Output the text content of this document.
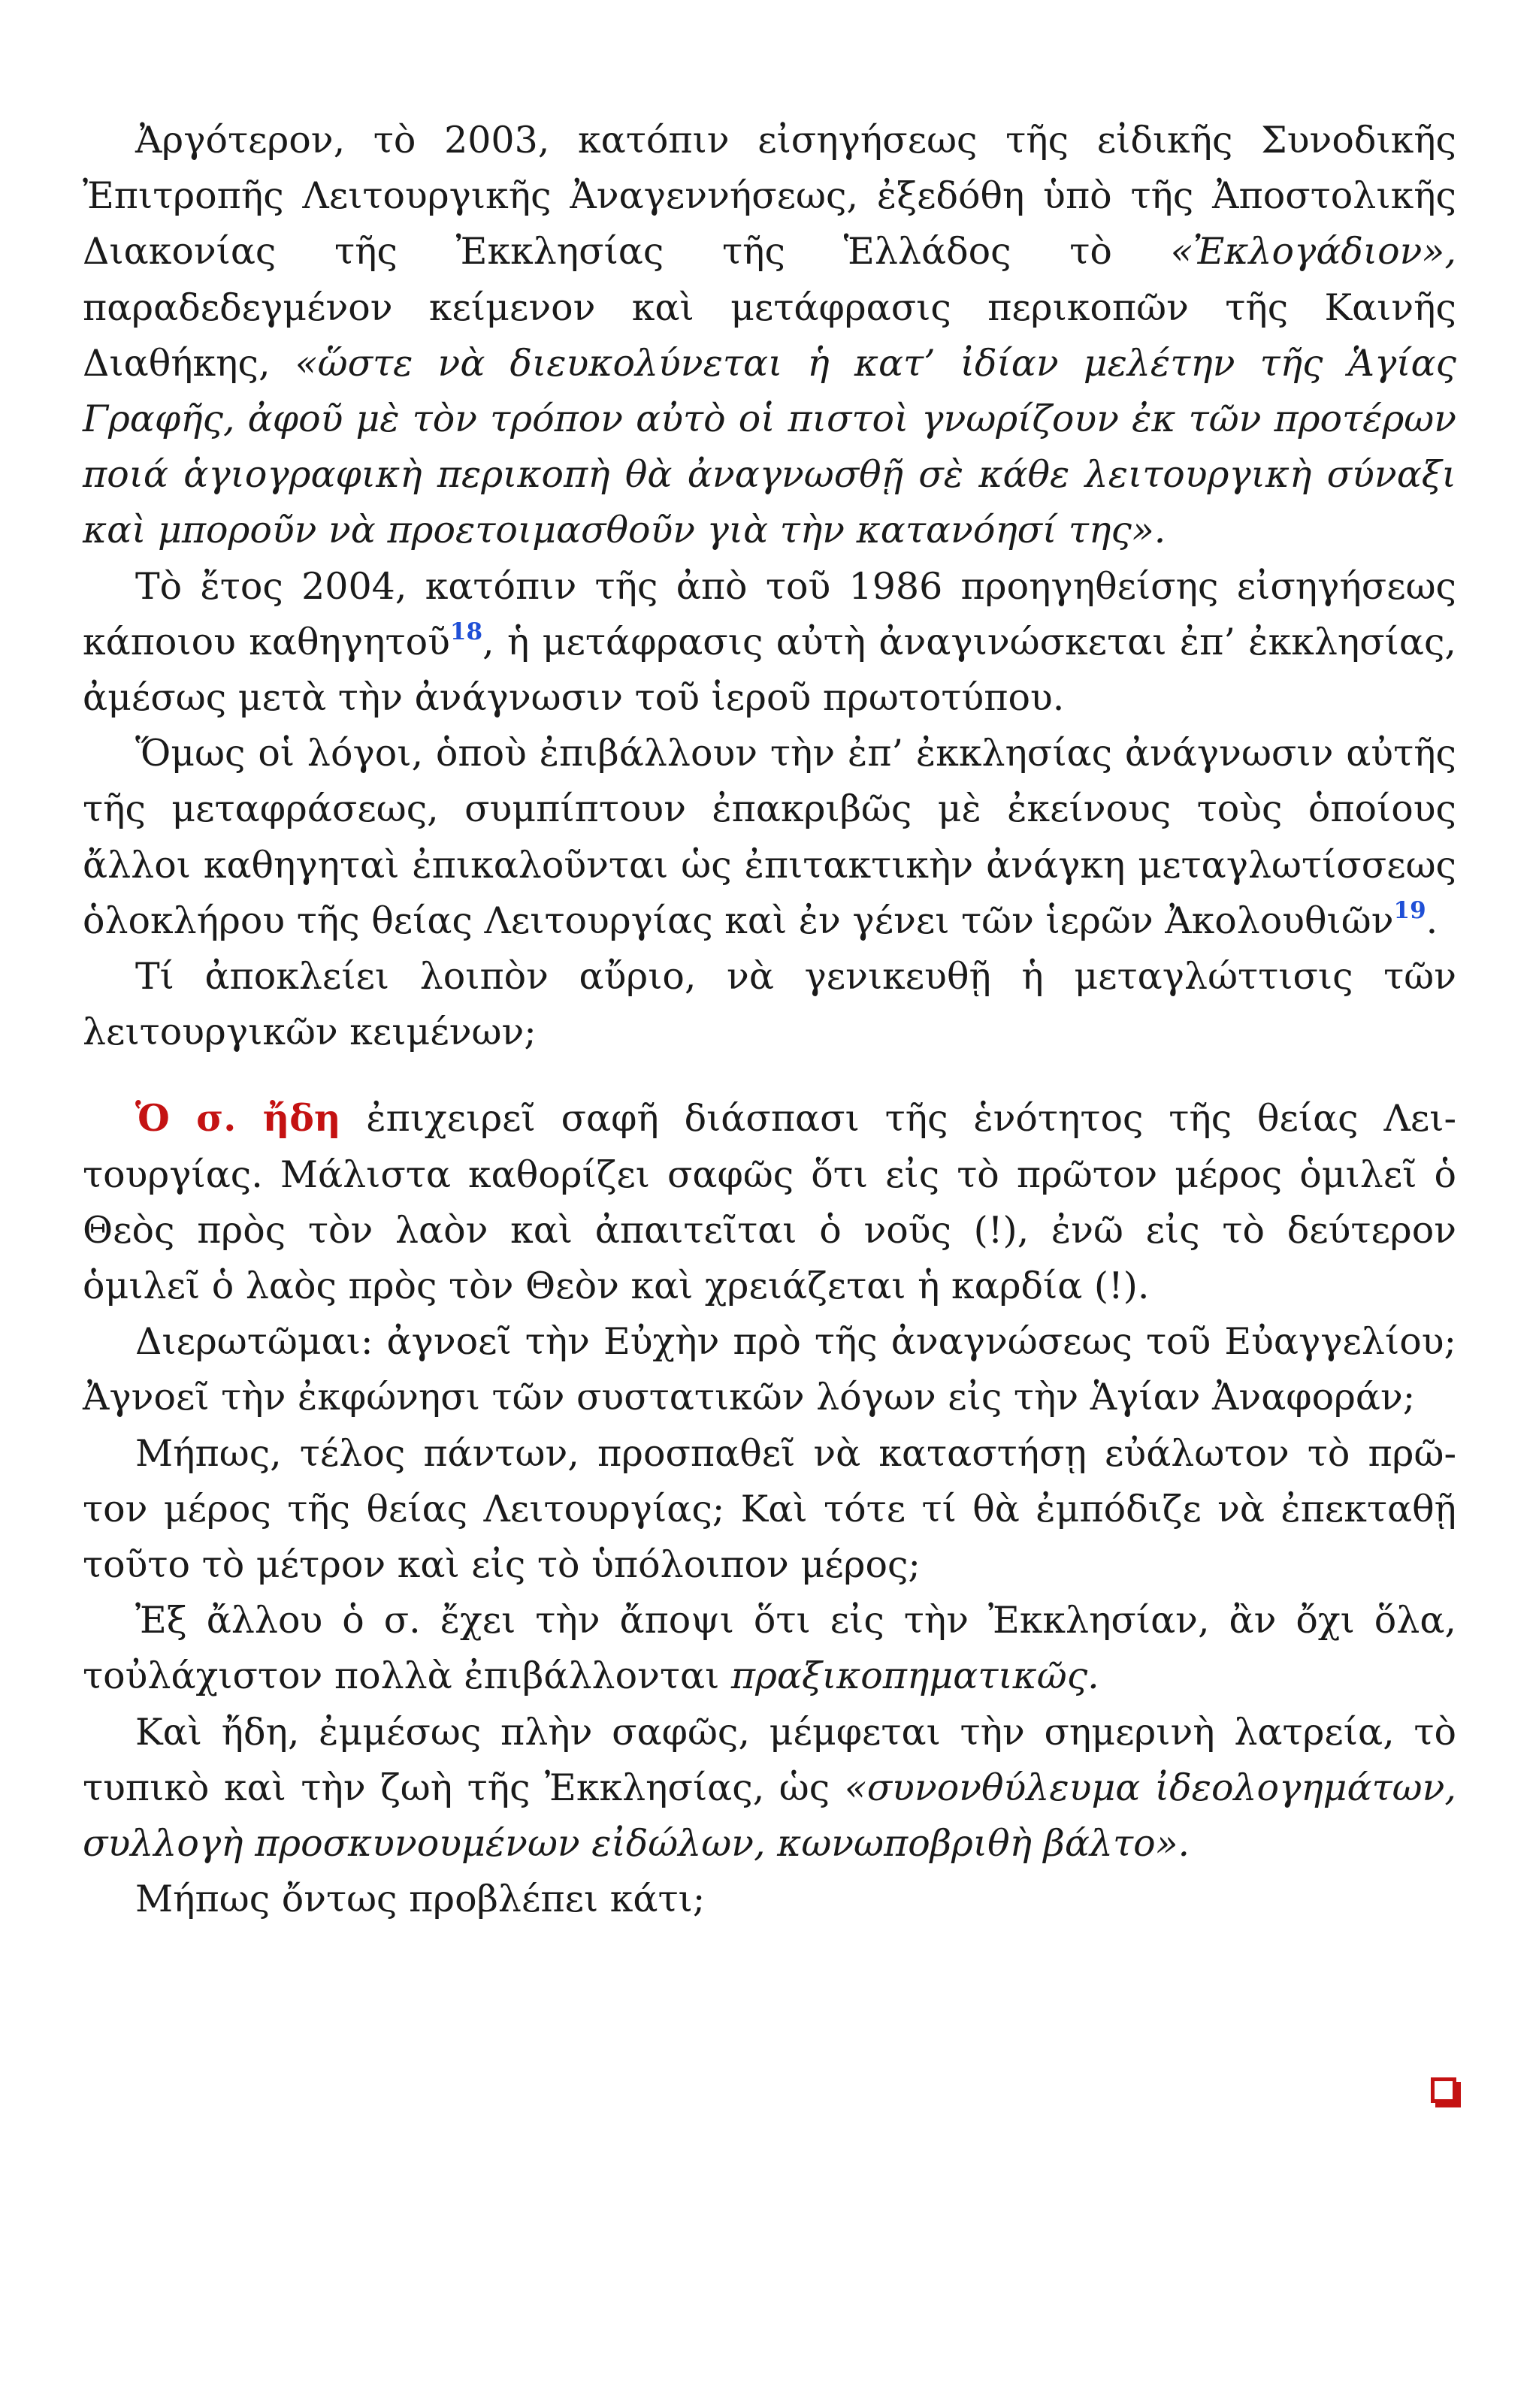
Ἀργότερον, τὸ 2003, κατόπιν εἰσηγήσεως τῆς εἰδικῆς Συνοδικῆς Ἐπιτροπῆς Λειτουργικῆς Ἀναγεννήσεως, ἐξεδόθη ὑπὸ τῆς Ἀποστολικῆς Διακονίας τῆς Ἐκκλησίας τῆς Ἑλλάδος τὸ «Ἐκλογάδιον», παραδεδεγμένον κείμενον καὶ μετάφρασις περικοπῶν τῆς Καινῆς Διαθήκης, «ὥστε νὰ διευκολύνεται ἡ κατ’ ἰδίαν μελέτην τῆς Ἁγίας Γραφῆς, ἀφοῦ μὲ τὸν τρόπον αὐτὸ οἱ πιστοὶ γνωρίζουν ἐκ τῶν προτέρων ποιά ἁγιογραφικὴ περικοπὴ θὰ ἀναγνωσθῇ σὲ κάθε λειτουργικὴ σύναξι καὶ μποροῦν νὰ προετοιμασθοῦν γιὰ τὴν κατανόησί της».

Τὸ ἔτος 2004, κατόπιν τῆς ἀπὸ τοῦ 1986 προηγηθείσης εἰσηγήσεως κάποιου καθηγητοῦ$^{18}$, ἡ μετάφρασις αὐτὴ ἀναγινώσκεται ἐπ’ ἐκκλησίας, ἀμέσως μετὰ τὴν ἀνάγνωσιν τοῦ ἱεροῦ πρωτοτύπου.

Ὅμως οἱ λόγοι, ὁποὺ ἐπιβάλλουν τὴν ἐπ’ ἐκκλησίας ἀνάγνωσιν αὐτῆς τῆς μεταφράσεως, συμπίπτουν ἐπακριβῶς μὲ ἐκείνους τοὺς ὁποίους ἄλλοι καθηγηταὶ ἐπικαλοῦνται ὡς ἐπιτακτικὴν ἀνάγκη μεταγλωτίσσεως ὁλοκλήρου τῆς θείας Λειτουργίας καὶ ἐν γένει τῶν ἱερῶν Ἀκολουθιῶν$^{19}$.

Τί ἀποκλείει λοιπὸν αὔριο, νὰ γενικευθῇ ἡ μεταγλώττισις τῶν λειτουργικῶν κειμένων;

Ὁ σ. ἤδη ἐπιχειρεῖ σαφῆ διάσπασι τῆς ἑνότητος τῆς θείας Λειτουργίας. Μάλιστα καθορίζει σαφῶς ὅτι εἰς τὸ πρῶτον μέρος ὁμιλεῖ ὁ Θεὸς πρὸς τὸν λαὸν καὶ ἀπαιτεῖται ὁ νοῦς (!), ἐνῶ εἰς τὸ δεύτερον ὁμιλεῖ ὁ λαὸς πρὸς τὸν Θεὸν καὶ χρειάζεται ἡ καρδία (!).

Διερωτῶμαι: ἀγνοεῖ τὴν Εὐχὴν πρὸ τῆς ἀναγνώσεως τοῦ Εὐαγγελίου; Ἀγνοεῖ τὴν ἐκφώνησι τῶν συστατικῶν λόγων εἰς τὴν Ἁγίαν Ἀναφοράν;

Μήπως, τέλος πάντων, προσπαθεῖ νὰ καταστήσῃ εὐάλωτον τὸ πρῶτον μέρος τῆς θείας Λειτουργίας; Καὶ τότε τί θὰ ἐμπόδιζε νὰ ἐπεκταθῇ τοῦτο τὸ μέτρον καὶ εἰς τὸ ὑπόλοιπον μέρος;

Ἐξ ἄλλου ὁ σ. ἔχει τὴν ἄποψι ὅτι εἰς τὴν Ἐκκλησίαν, ἂν ὄχι ὅλα, τοὐλάχιστον πολλὰ ἐπιβάλλονται πραξικοπηματικῶς.

Καὶ ἤδη, ἐμμέσως πλὴν σαφῶς, μέμφεται τὴν σημερινὴ λατρεία, τὸ τυπικὸ καὶ τὴν ζωὴ τῆς Ἐκκλησίας, ὡς «συνονθύλευμα ἰδεολογημάτων, συλλογὴ προσκυνουμένων εἰδώλων, κωνωποβριθὴ βάλτο».

Μήπως ὄντως προβλέπει κάτι;
